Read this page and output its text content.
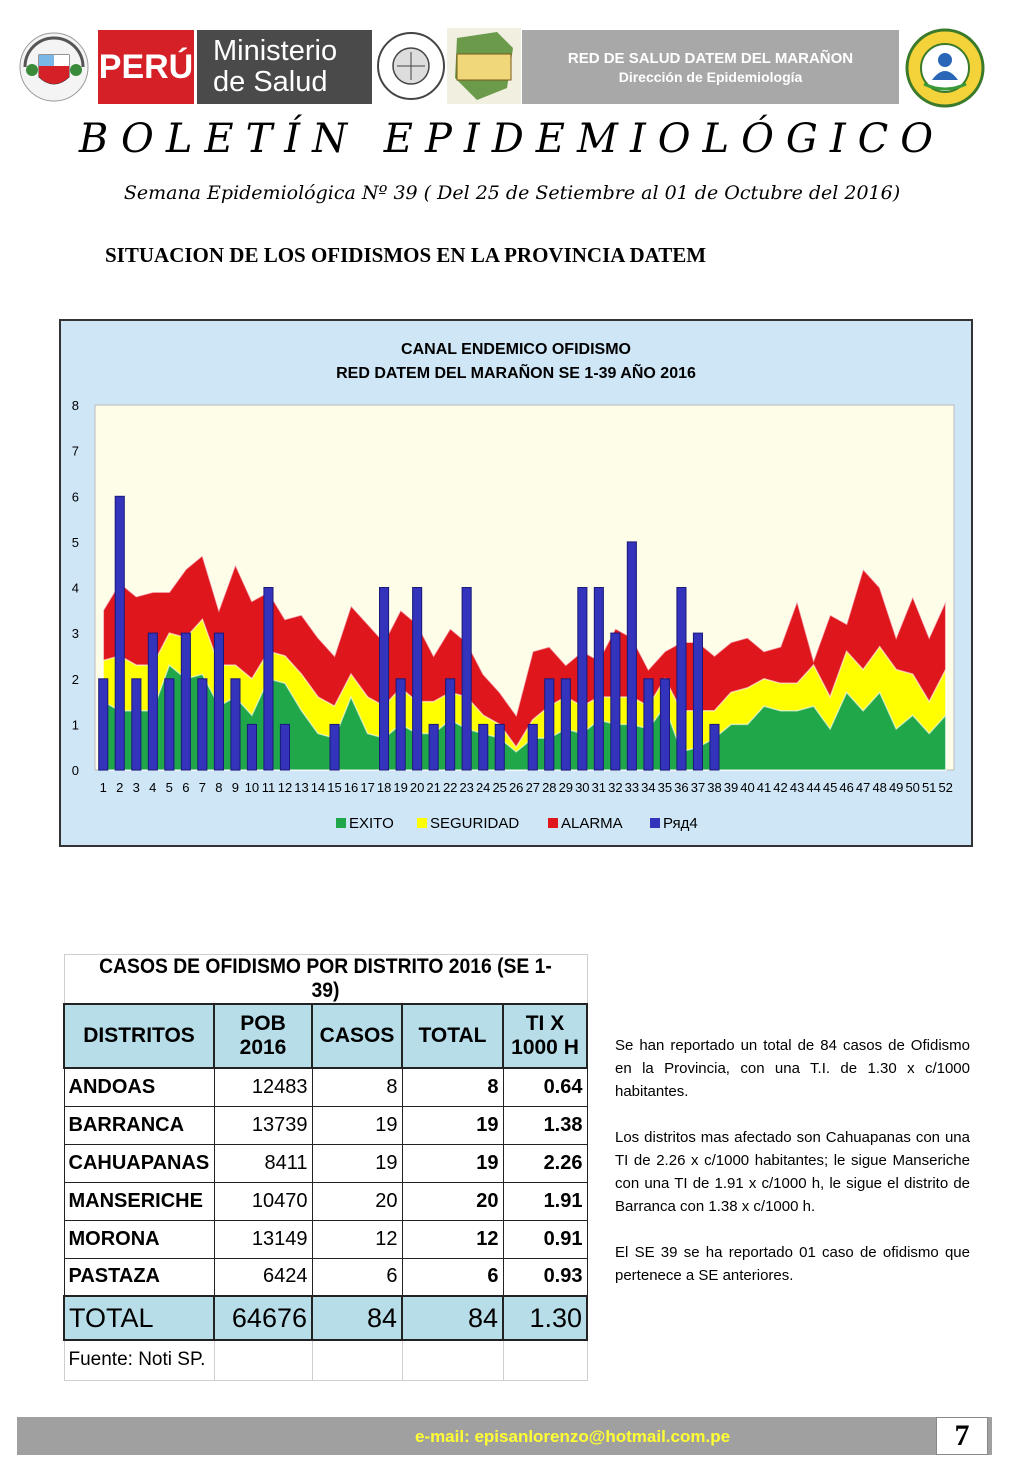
PERÚ Ministerio
de Salud
RED DE SALUD DATEM DEL MARAÑON
Dirección de Epidemiología
BOLETÍN EPIDEMIOLÓGICO
Semana Epidemiológica Nº 39 ( Del 25 de Setiembre al 01 de Octubre del 2016)
SITUACION DE LOS OFIDISMOS EN LA PROVINCIA DATEM
CANAL ENDEMICO OFIDISMO
RED DATEM DEL MARAÑON SE 1-39 AÑO 2016
0
1
2
3
4
5
6
7
8
1 2 3 4 5 6 7 8 9 10 11 12 13 14 15 16 17 18 19 20 21 22 23 24 25 26 27 28 29 30 31 32 33 34 35 36 37 38 39 40 41 42 43 44 45 46 47 48 49 50 51 52
EXITO SEGURIDAD	ALARMA	Ряд4
CASOS DE OFIDISMO POR DISTRITO 2016 (SE 1-39)				
DISTRITOS	POB 2016	CASOS	TOTAL	TI X 1000 H
ANDOAS	12483	8	8	0.64
BARRANCA	13739	19	19	1.38
CAHUAPANAS	8411	19	19	2.26
MANSERICHE	10470	20	20	1.91
MORONA	13149	12	12	0.91
PASTAZA	6424	6	6	0.93
TOTAL	64676	84	84	1.30
Fuente: Noti SP.				

Se han reportado un total de 84 casos de Ofidismo en la Provincia, con una T.I. de 1.30 x c/1000 habitantes.

Los distritos mas afectado son Cahuapanas con una TI de 2.26 x c/1000 habitantes; le sigue Manseriche con una TI de 1.91 x c/1000 h, le sigue el distrito de Barranca con 1.38 x c/1000 h.

El SE 39 se ha reportado 01 caso de ofidismo que pertenece a SE anteriores.

e-mail: episanlorenzo@hotmail.com.pe	7
